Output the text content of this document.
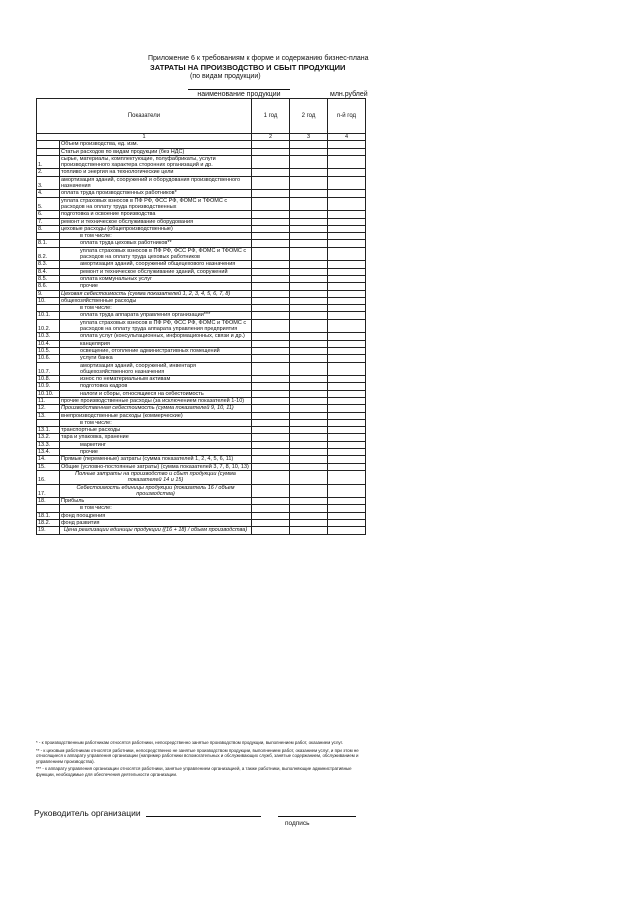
Приложение 6 к требованиям к форме и содержанию бизнес-плана
ЗАТРАТЫ НА ПРОИЗВОДСТВО И СБЫТ ПРОДУКЦИИ
(по видам продукции)
наименование продукции	млн.рублей
Показатели		1 год	2 год	n-й год
1		2	3	4
	Объем производства, ед. изм.			
	Статьи расходов по видам продукции (без НДС)			
1.	сырье, материалы, комплектующие, полуфабрикаты, услуги производственного характера сторонних организаций и др.			
2.	топливо и энергия на технологические цели			
3.	амортизация зданий, сооружений и оборудования производственного назначения			
4.	оплата труда производственных работников*			
5.	уплата страховых взносов в ПФ РФ, ФСС РФ, ФОМС и ТФОМС с расходов на оплату труда производственных			
6.	подготовка и освоение производства			
7.	ремонт и техническое обслуживание оборудования			
8.	цеховые расходы (общепроизводственные)			
	в том числе:			
8.1.	оплата труда цеховых работников**			
8.2.	уплата страховых взносов в ПФ РФ, ФСС РФ, ФОМС и ТФОМС с расходов на оплату труда цеховых работников			
8.3.	амортизация зданий, сооружений общецехового назначения			
8.4.	ремонт и техническое обслуживание зданий, сооружений			
8.5.	оплата коммунальных услуг			
8.6.	прочие			
9.	Цеховая себестоимость (сумма показателей 1, 2, 3, 4, 5, 6, 7, 8)			
10.	общехозяйственные расходы			
	в том числе:			
10.1.	оплата труда аппарата управления организации***			
10.2.	уплата страховых взносов в ПФ РФ, ФСС РФ, ФОМС и ТФОМС с расходов на оплату труда аппарата управления предприятия			
10.3.	оплата услуг (консультационных, информационных, связи и др.)			
10.4.	канцелярия			
10.5.	освещение, отопление административных помещений			
10.6.	услуги банка			
10.7.	амортизация зданий, сооружений, инвентаря общехозяйственного назначения			
10.8.	износ по нематериальным активам			
10.9.	подготовка кадров			
10.10.	налоги и сборы, относящиеся на себестоимость			
11.	прочие производственные расходы (за исключением показателей 1-10)			
12.	Производственная себестоимость (сумма показателей 9, 10, 11)			
13.	внепроизводственные расходы (коммерческие)			
	в том числе:			
13.1.	транспортные расходы			
13.2.	тара и упаковка, хранение			
13.3.	маркетинг			
13.4.	прочие			
14.	Прямые (переменные) затраты (сумма показателей 1, 2, 4, 5, 6, 11)			
15.	Общие (условно-постоянные затраты) (сумма показателей 3, 7, 8, 10, 13)			
16.	Полные затраты на производство и сбыт продукции (сумма показателей 14 и 15)			
17.	Себестоимость единицы продукции (показатель 16 / объем производства)			
18.	Прибыль			
	в том числе:			
18.1.	фонд поощрения			
18.2.	фонд развития			
19.	Цена реализации единицы продукции ((16 + 18) / объем производства)			

* - к производственным работникам относятся работники, непосредственно занятые производством продукции, выполнением работ, оказанием услуг.

** - к цеховым работникам относятся работники, непосредственно не занятые производством продукции, выполнением работ, оказанием услуг, и при этом не относящиеся к аппарату управления организации (например работники вспомогательных и обслуживающих служб, занятые содержанием, обслуживанием и управлением производства).

*** - к аппарату управления организации относятся работники, занятые управлением организацией, а также работники, выполняющие административные функции, необходимые для обеспечения деятельности организации.

Руководитель организации
подпись
